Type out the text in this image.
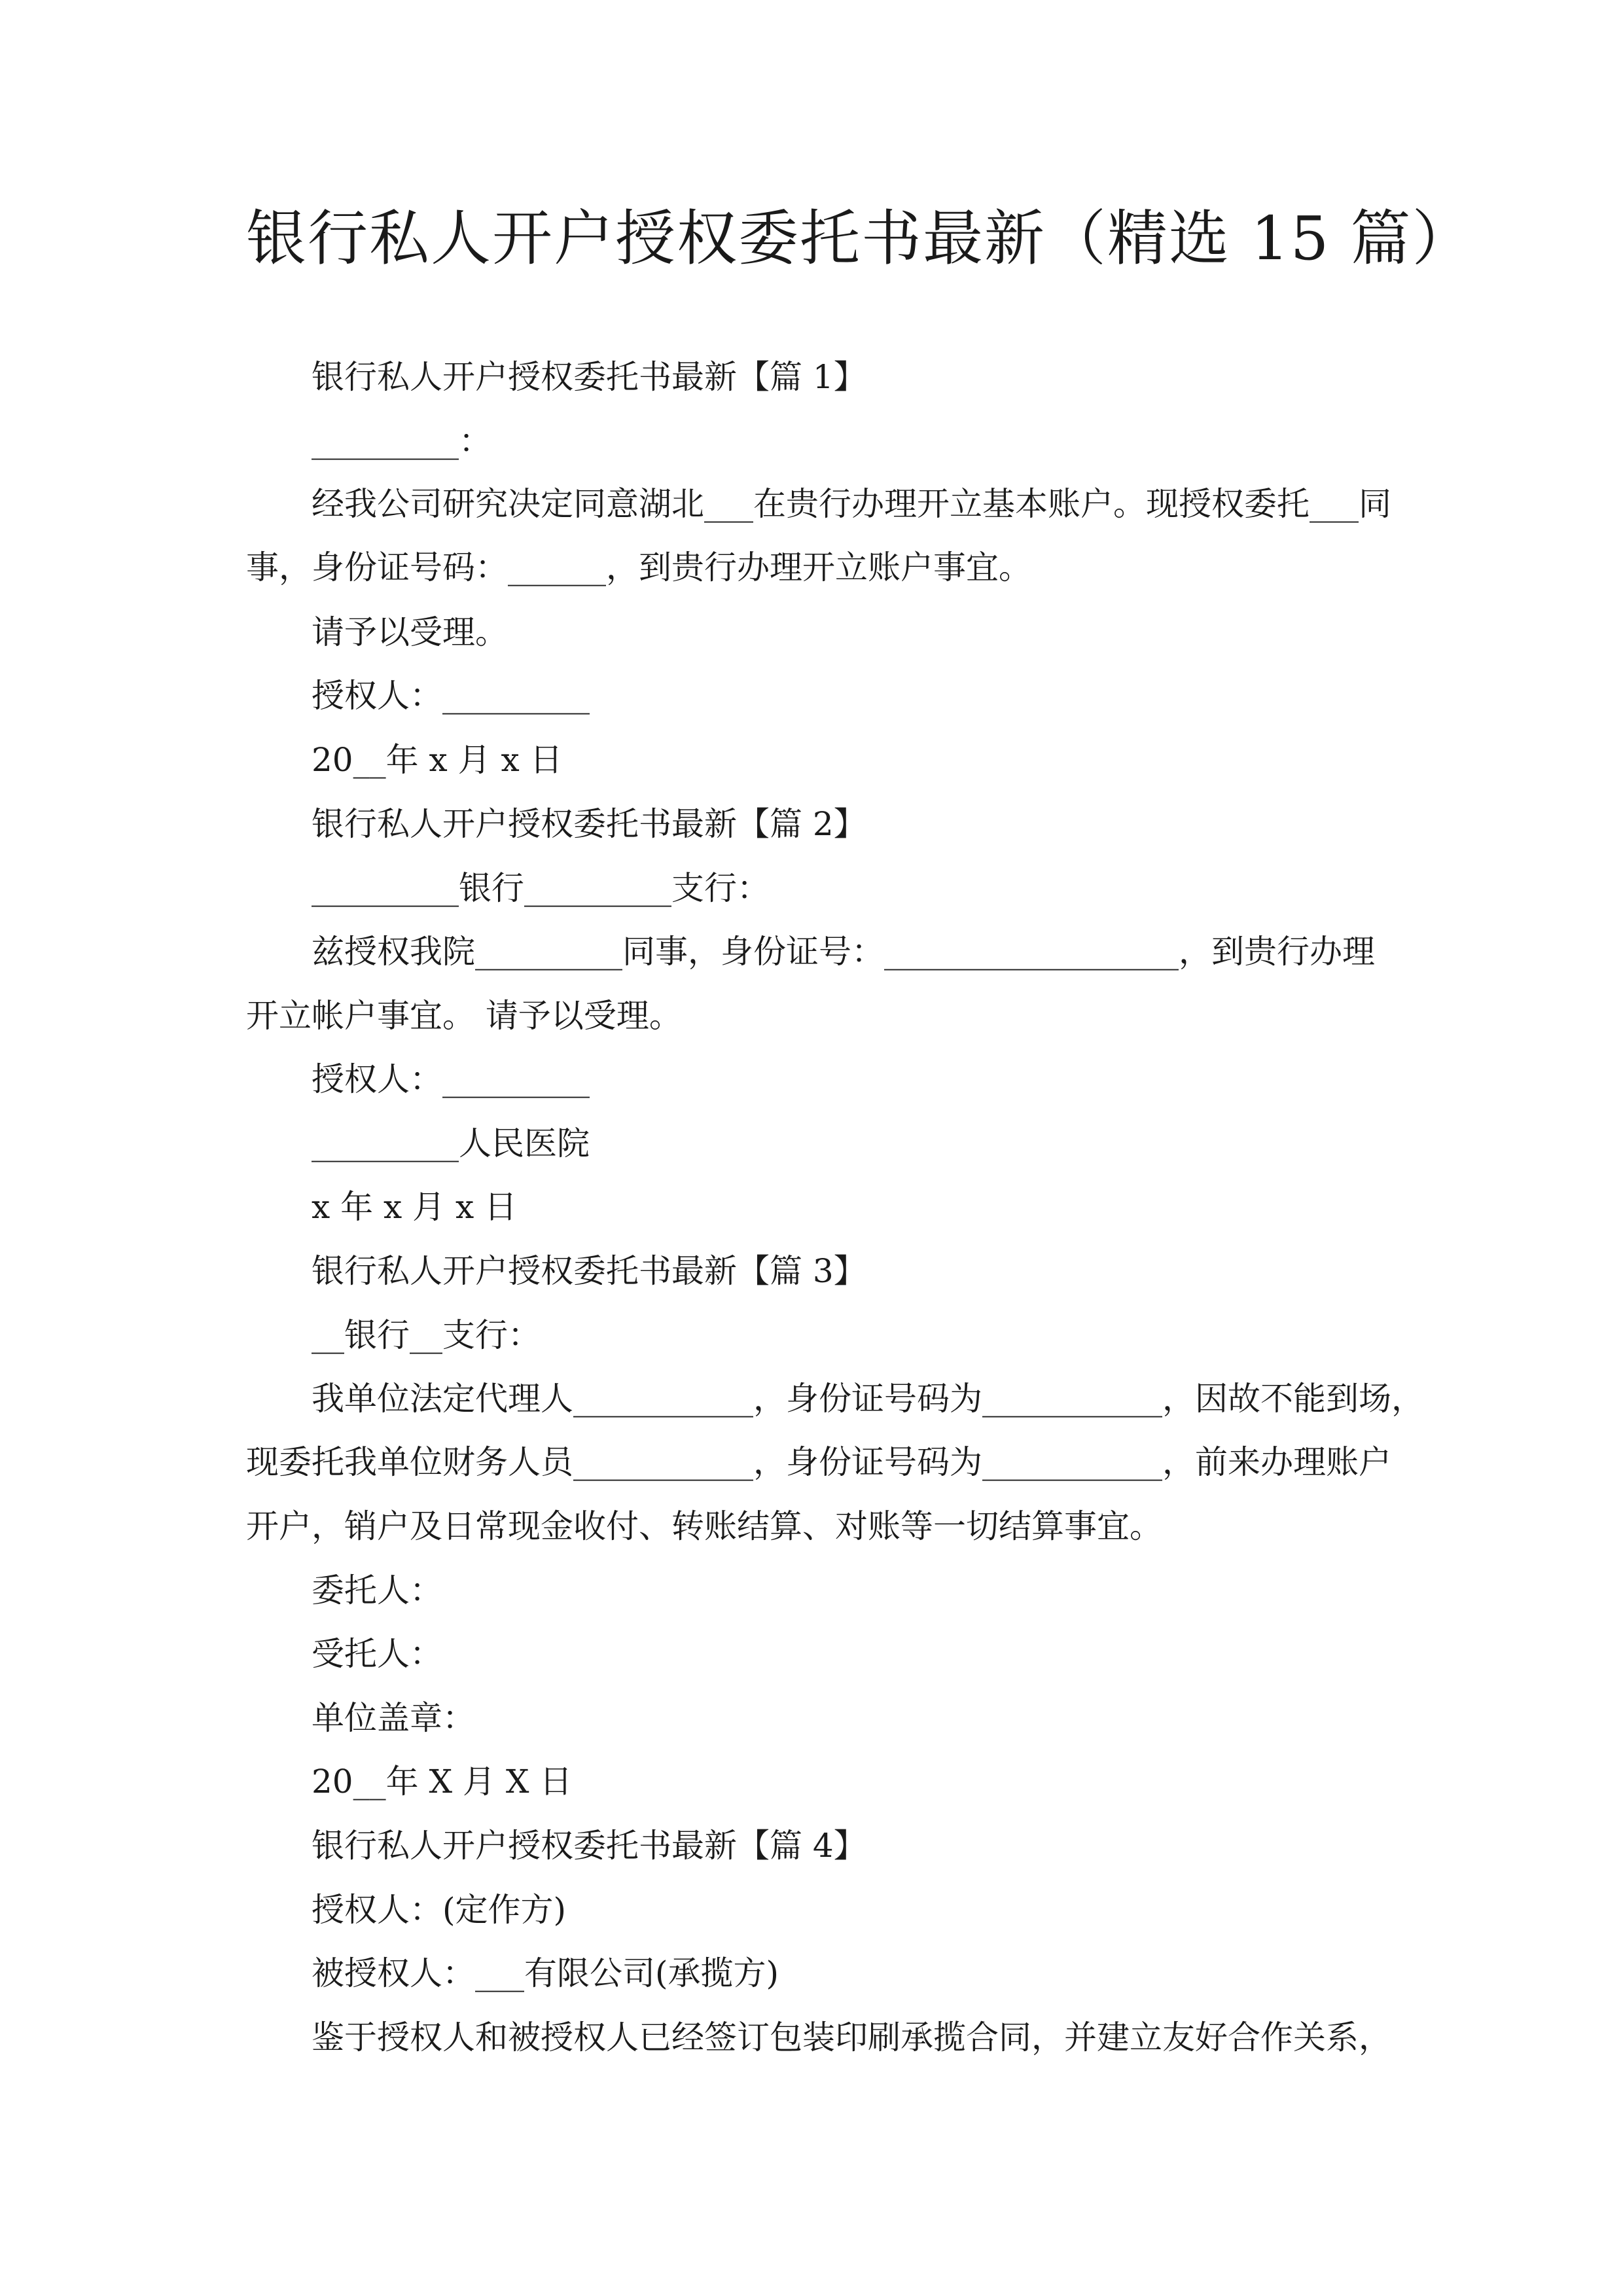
银行私人开户授权委托书最新（精选 15 篇）
银行私人开户授权委托书最新【篇 1】
_________：
经我公司研究决定同意湖北___在贵行办理开立基本账户。现授权委托___同
事，身份证号码：______，到贵行办理开立账户事宜。
请予以受理。
授权人：_________
20__年 x 月 x 日
银行私人开户授权委托书最新【篇 2】
_________银行_________支行：
兹授权我院_________同事，身份证号：__________________，到贵行办理
开立帐户事宜。 请予以受理。
授权人：_________
_________人民医院
x 年 x 月 x 日
银行私人开户授权委托书最新【篇 3】
__银行__支行：
我单位法定代理人___________，身份证号码为___________，因故不能到场，
现委托我单位财务人员___________，身份证号码为___________，前来办理账户
开户，销户及日常现金收付、转账结算、对账等一切结算事宜。
委托人：
受托人：
单位盖章：
20__年 X 月 X 日
银行私人开户授权委托书最新【篇 4】
授权人：(定作方)
被授权人：___有限公司(承揽方)
鉴于授权人和被授权人已经签订包装印刷承揽合同，并建立友好合作关系，
